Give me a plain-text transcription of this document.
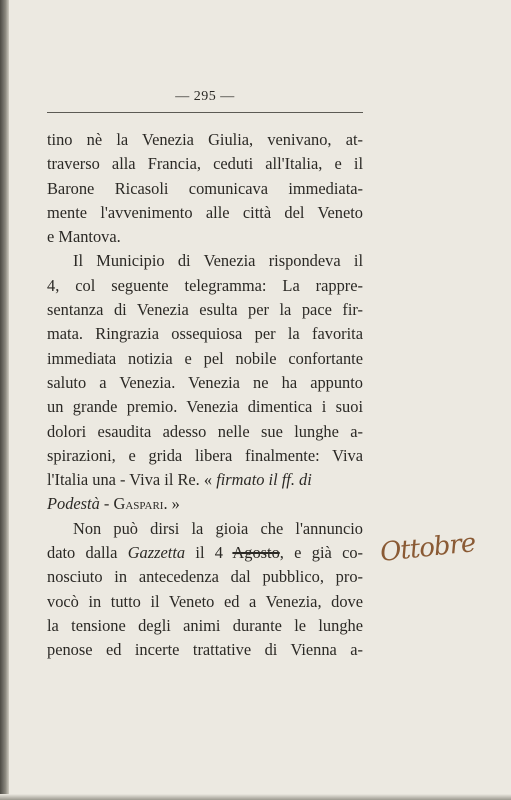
— 295 —
tino nè la Venezia Giulia, venivano, at-
traverso alla Francia, ceduti all'Italia, e il
Barone Ricasoli comunicava immediata-
mente l'avvenimento alle città del Veneto
e Mantova.
Il Municipio di Venezia rispondeva il
4, col seguente telegramma: La rappre-
sentanza di Venezia esulta per la pace fir-
mata. Ringrazia ossequiosa per la favorita
immediata notizia e pel nobile confortante
saluto a Venezia. Venezia ne ha appunto
un grande premio. Venezia dimentica i suoi
dolori esaudita adesso nelle sue lunghe a-
spirazioni, e grida libera finalmente: Viva
l'Italia una - Viva il Re. « firmato il ff. di
Podestà - Gaspari. »
Non può dirsi la gioia che l'annuncio
dato dalla Gazzetta il 4 Agosto, e già co-
nosciuto in antecedenza dal pubblico, pro-
vocò in tutto il Veneto ed a Venezia, dove
la tensione degli animi durante le lunghe
penose ed incerte trattative di Vienna a-
Ottobre
